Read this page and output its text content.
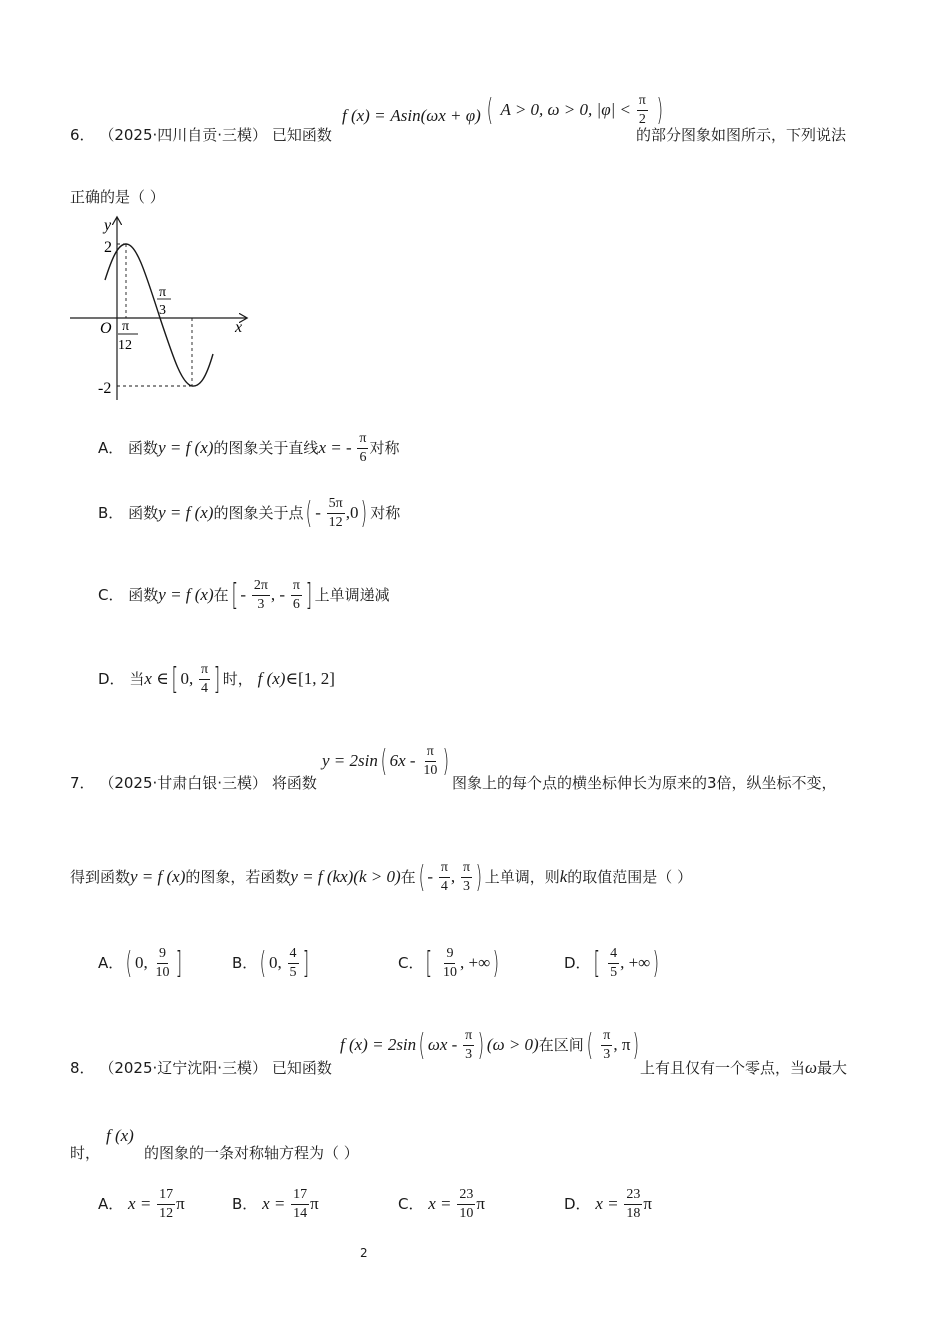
6． （2025·四川自贡·三模） 已知函数
f (x) = Asin(ωx + φ) ( A > 0, ω > 0, $|\varphi| < \frac{\pi}{2}$ )
的部分图象如图所示，下列说法
正确的是（ ）
y
x
O
2
-2
π
12
π
3
A． 函数y = f (x)的图象关于直线x = - $\frac{\pi}{6}$ 对称
B． 函数y = f (x)的图象关于点( - $\frac{5\pi}{12} ,0$) 对称
C． 函数y = f (x)在[ - $\frac{2\pi}{3}$ , - $\frac{\pi}{6}$ ] 上单调递减
D． 当x ∈[ 0, $\frac{\pi}{4}$ ] 时， f (x)∈[1, 2]
7． （2025·甘肃白银·三模） 将函数
y = 2sin( $6x - \frac{\pi}{10}$ )
图象上的每个点的横坐标伸长为原来的3倍，纵坐标不变，
得到函数y = f (x)的图象，若函数y = f (kx)(k > 0)在( - $\frac{\pi}{4}$ , $\frac{\pi}{3}$ ) 上单调，则k的取值范围是（ ）
A．( 0, $\frac{9}{10}$ ]	B．( 0, $\frac{4}{5}$ ]	C．[ $\frac{9}{10}$ , +∞)	D．[ $\frac{4}{5}$ , +∞)
8． （2025·辽宁沈阳·三模） 已知函数
f (x) = 2sin( ωx - $\frac{\pi}{3}$ ) (ω > 0)在区间( $\frac{\pi}{3}$ , π)
上有且仅有一个零点，当ω最大
时，
f (x)
的图象的一条对称轴方程为（ ）
A． $x = \frac{17}{12}$ π	B． $x = \frac{17}{14}$ π	C． $x = \frac{23}{10}$ π	D． $x = \frac{23}{18}$ π
2
